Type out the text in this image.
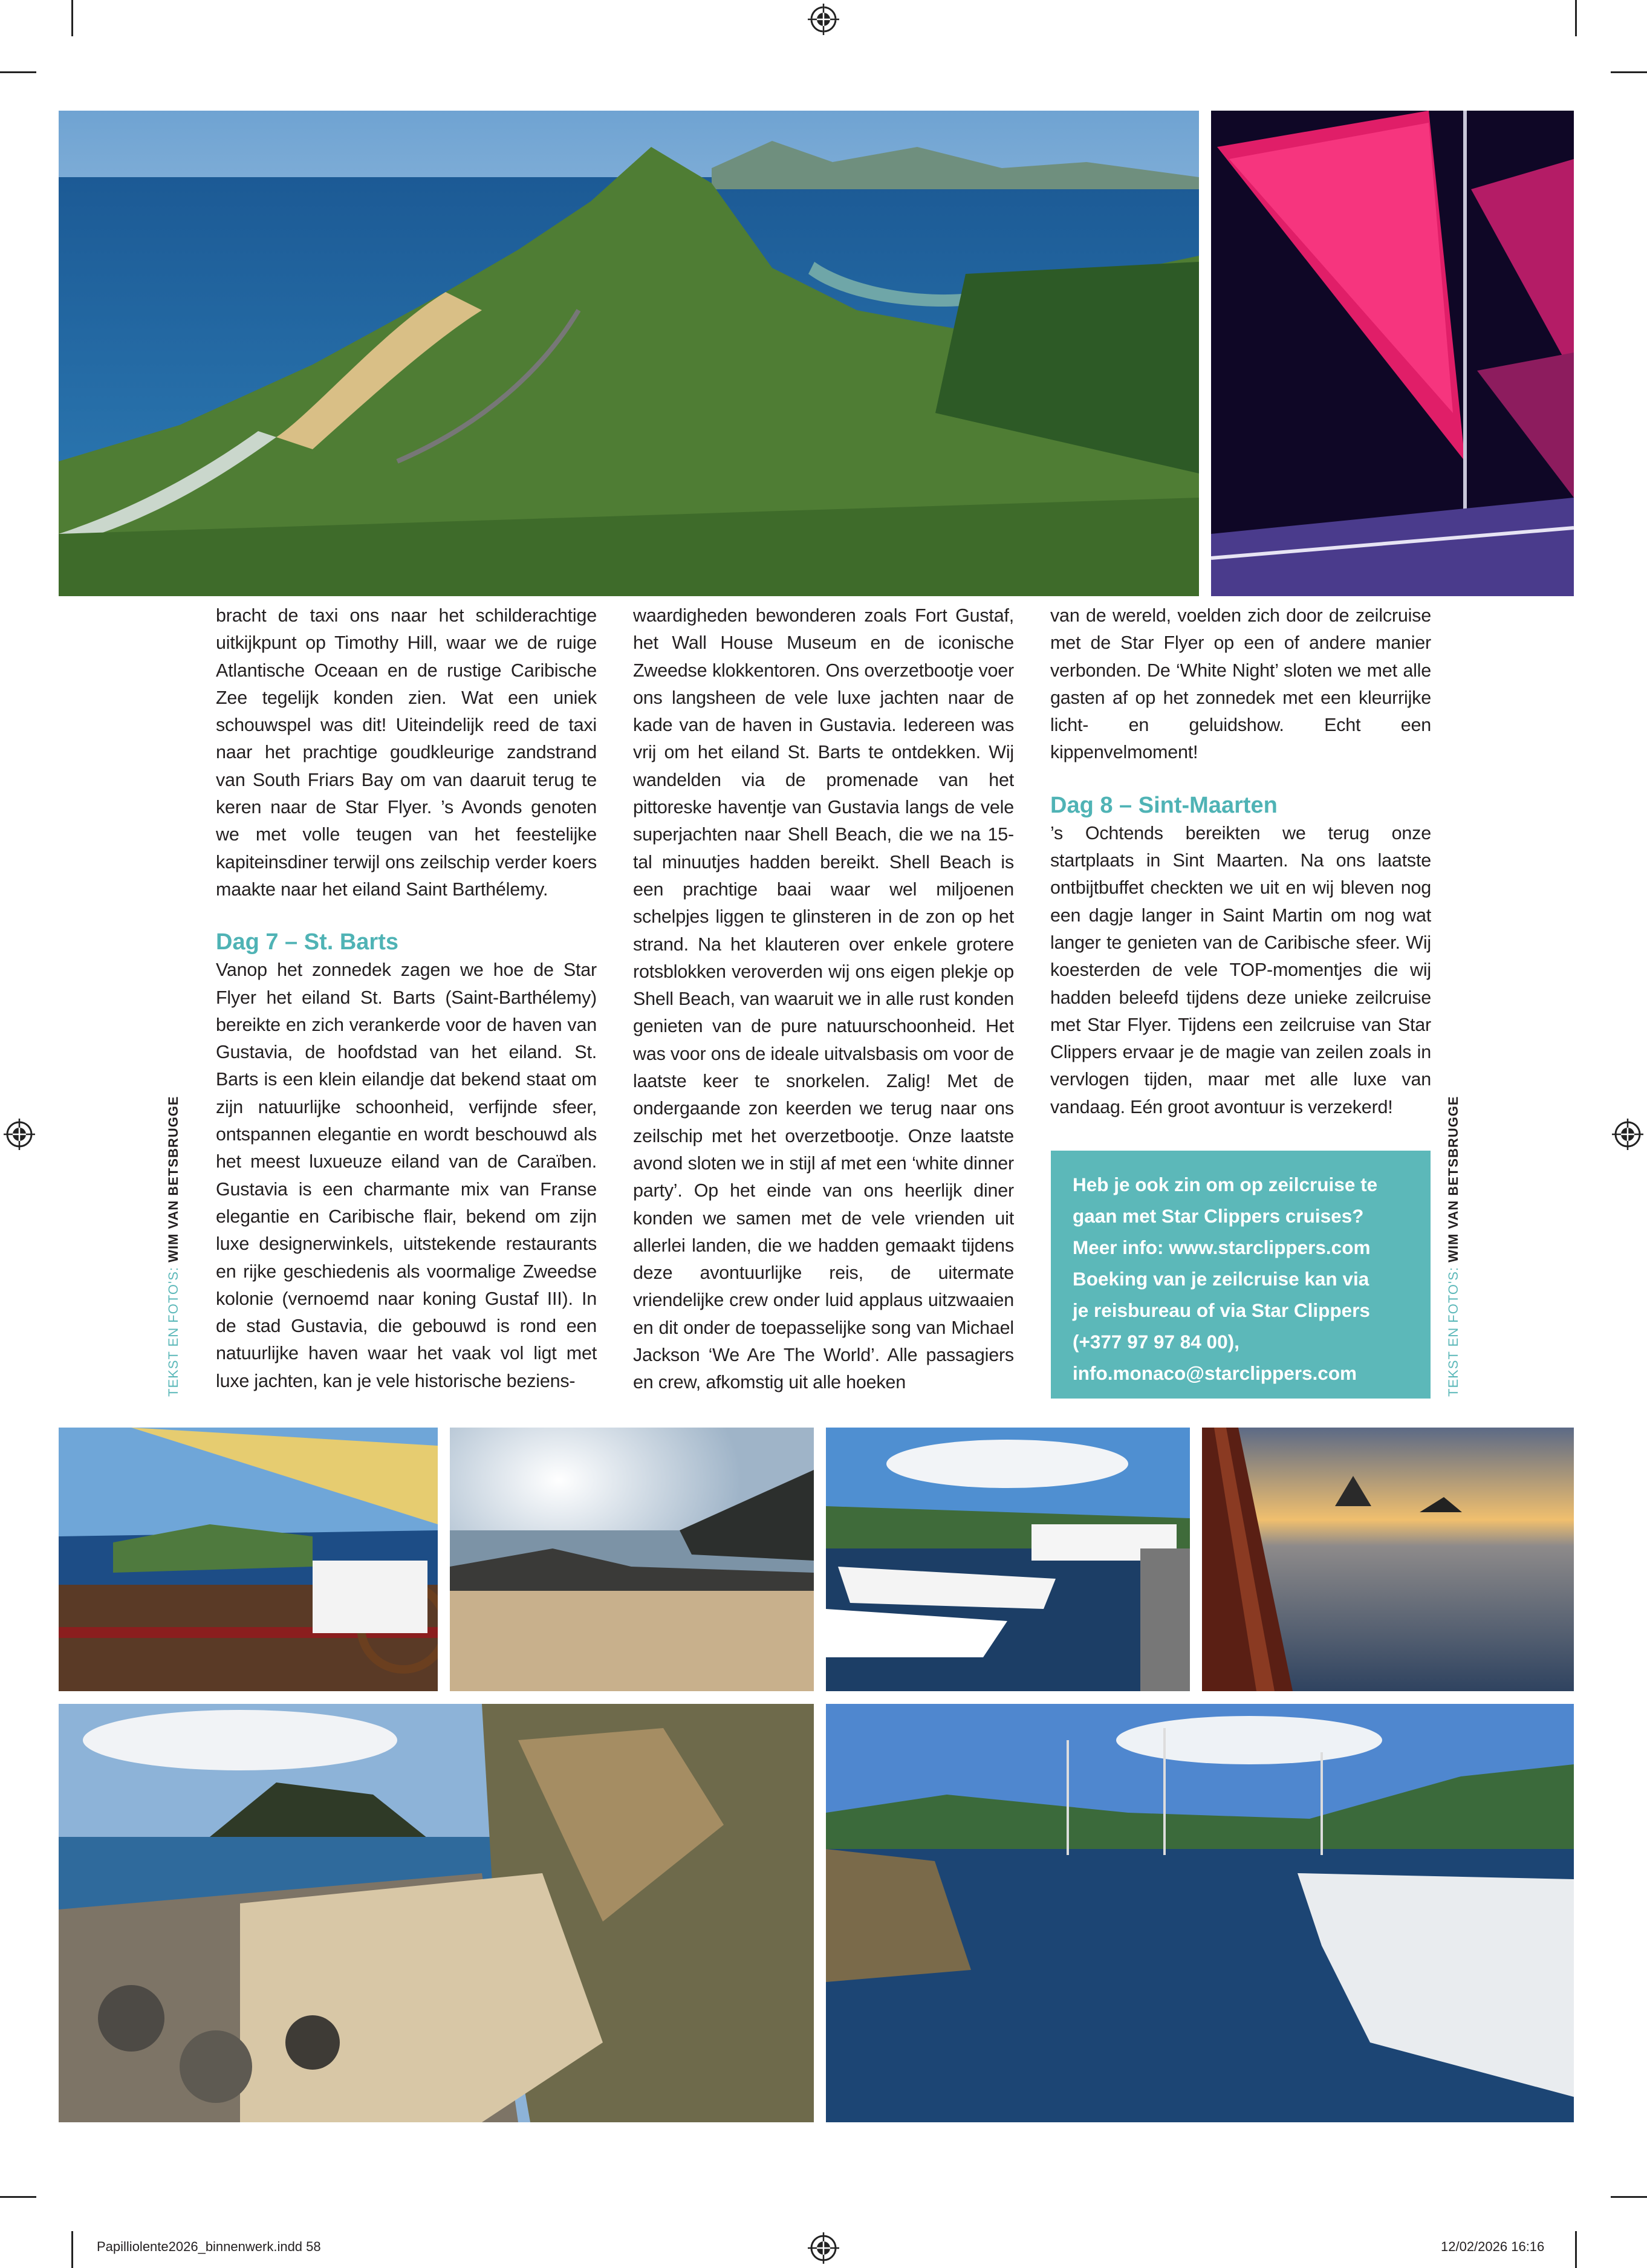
bracht de taxi ons naar het schilderachtige uitkijkpunt op Timothy Hill, waar we de ruige Atlantische Oceaan en de rustige Caribische Zee tegelijk konden zien. Wat een uniek schouwspel was dit! Uiteindelijk reed de taxi naar het prachtige goudkleurige zandstrand van South Friars Bay om van daaruit terug te keren naar de Star Flyer. ’s Avonds genoten we met volle teugen van het feestelijke kapiteinsdiner terwijl ons zeilschip verder koers maakte naar het eiland Saint Barthélemy.

Dag 7 – St. Barts

Vanop het zonnedek zagen we hoe de Star Flyer het eiland St. Barts (Saint-Barthélemy) bereikte en zich verankerde voor de haven van Gustavia, de hoofdstad van het eiland. St. Barts is een klein eilandje dat bekend staat om zijn natuurlijke schoonheid, verfijnde sfeer, ontspannen elegantie en wordt beschouwd als het meest luxueuze eiland van de Caraïben. Gustavia is een charmante mix van Franse elegantie en Caribische flair, bekend om zijn luxe designerwinkels, uitstekende restaurants en rijke geschiedenis als voormalige Zweedse kolonie (vernoemd naar koning Gustaf III). In de stad Gustavia, die gebouwd is rond een natuurlijke haven waar het vaak vol ligt met luxe jachten, kan je vele historische beziens-

waardigheden bewonderen zoals Fort Gustaf, het Wall House Museum en de iconische Zweedse klokkentoren. Ons overzetbootje voer ons langsheen de vele luxe jachten naar de kade van de haven in Gustavia. Iedereen was vrij om het eiland St. Barts te ontdekken. Wij wandelden via de promenade van het pittoreske haventje van Gustavia langs de vele superjachten naar Shell Beach, die we na 15-tal minuutjes hadden bereikt. Shell Beach is een prachtige baai waar wel miljoenen schelpjes liggen te glinsteren in de zon op het strand. Na het klauteren over enkele grotere rotsblokken veroverden wij ons eigen plekje op Shell Beach, van waaruit we in alle rust konden genieten van de pure natuurschoonheid. Het was voor ons de ideale uitvalsbasis om voor de laatste keer te snorkelen. Zalig! Met de ondergaande zon keerden we terug naar ons zeilschip met het overzetbootje. Onze laatste avond sloten we in stijl af met een ‘white dinner party’. Op het einde van ons heerlijk diner konden we samen met de vele vrienden uit allerlei landen, die we hadden gemaakt tijdens deze avontuurlijke reis, de uitermate vriendelijke crew onder luid applaus uitzwaaien en dit onder de toepasselijke song van Michael Jackson ‘We Are The World’. Alle passagiers en crew, afkomstig uit alle hoeken

van de wereld, voelden zich door de zeilcruise met de Star Flyer op een of andere manier verbonden. De ‘White Night’ sloten we met alle gasten af op het zonnedek met een kleurrijke licht- en geluidshow. Echt een kippenvelmoment!

Dag 8 – Sint-Maarten

’s Ochtends bereikten we terug onze startplaats in Sint Maarten. Na ons laatste ontbijtbuffet checkten we uit en wij bleven nog een dagje langer in Saint Martin om nog wat langer te genieten van de Caribische sfeer. Wij koesterden de vele TOP-momentjes die wij hadden beleefd tijdens deze unieke zeilcruise met Star Flyer. Tijdens een zeilcruise van Star Clippers ervaar je de magie van zeilen zoals in vervlogen tijden, maar met alle luxe van vandaag. Eén groot avontuur is verzekerd!

Heb je ook zin om op zeilcruise te
gaan met Star Clippers cruises?
Meer info: www.starclippers.com
Boeking van je zeilcruise kan via
je reisbureau of via Star Clippers
(+377 97 97 84 00),
info.monaco@starclippers.com
TEKST EN FOTO'S: WIM VAN BETSBRUGGE
TEKST EN FOTO'S: WIM VAN BETSBRUGGE
Papilliolente2026_binnenwerk.indd 58	12/02/2026 16:16
